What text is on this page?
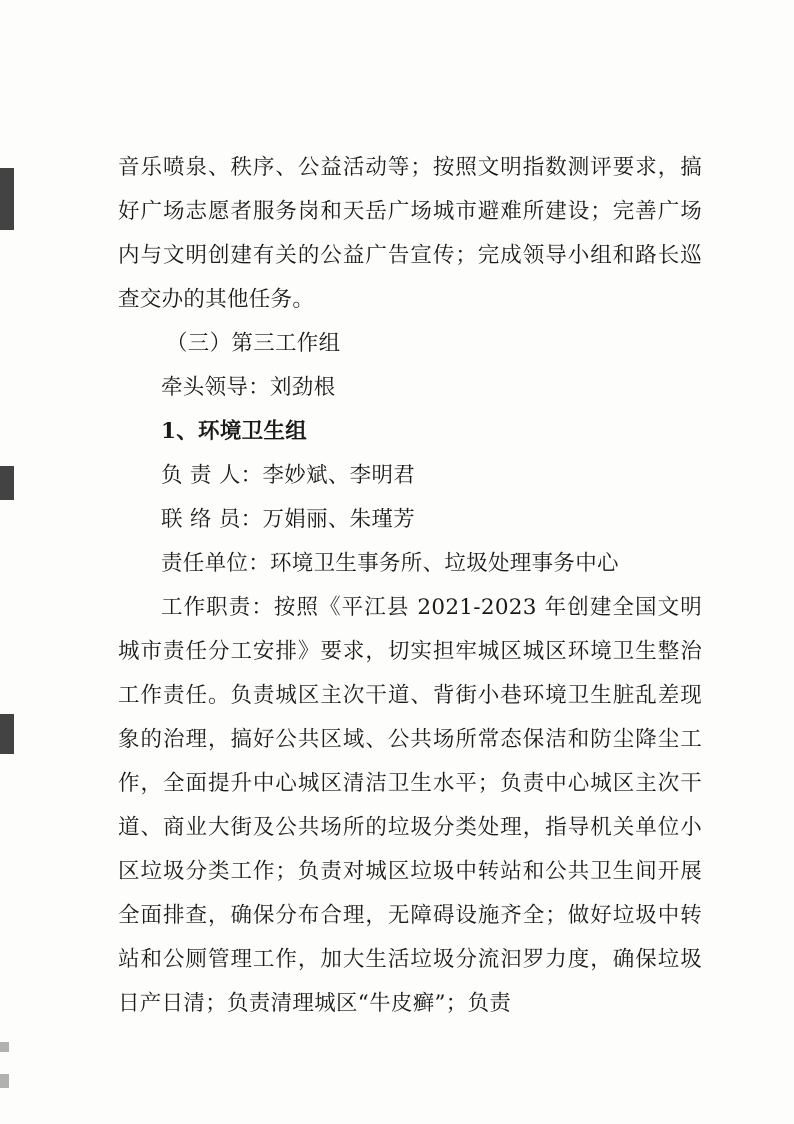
音乐喷泉、秩序、公益活动等；按照文明指数测评要求，搞好广场志愿者服务岗和天岳广场城市避难所建设；完善广场内与文明创建有关的公益广告宣传；完成领导小组和路长巡查交办的其他任务。

（三）第三工作组

牵头领导：刘劲根

1、环境卫生组

负 责 人：李妙斌、李明君

联 络 员：万娟丽、朱瑾芳

责任单位：环境卫生事务所、垃圾处理事务中心

工作职责：按照《平江县 2021-2023 年创建全国文明城市责任分工安排》要求，切实担牢城区城区环境卫生整治工作责任。负责城区主次干道、背街小巷环境卫生脏乱差现象的治理，搞好公共区域、公共场所常态保洁和防尘降尘工作，全面提升中心城区清洁卫生水平；负责中心城区主次干道、商业大街及公共场所的垃圾分类处理，指导机关单位小区垃圾分类工作；负责对城区垃圾中转站和公共卫生间开展全面排查，确保分布合理，无障碍设施齐全；做好垃圾中转站和公厕管理工作，加大生活垃圾分流汩罗力度，确保垃圾日产日清；负责清理城区“牛皮癣”；负责
